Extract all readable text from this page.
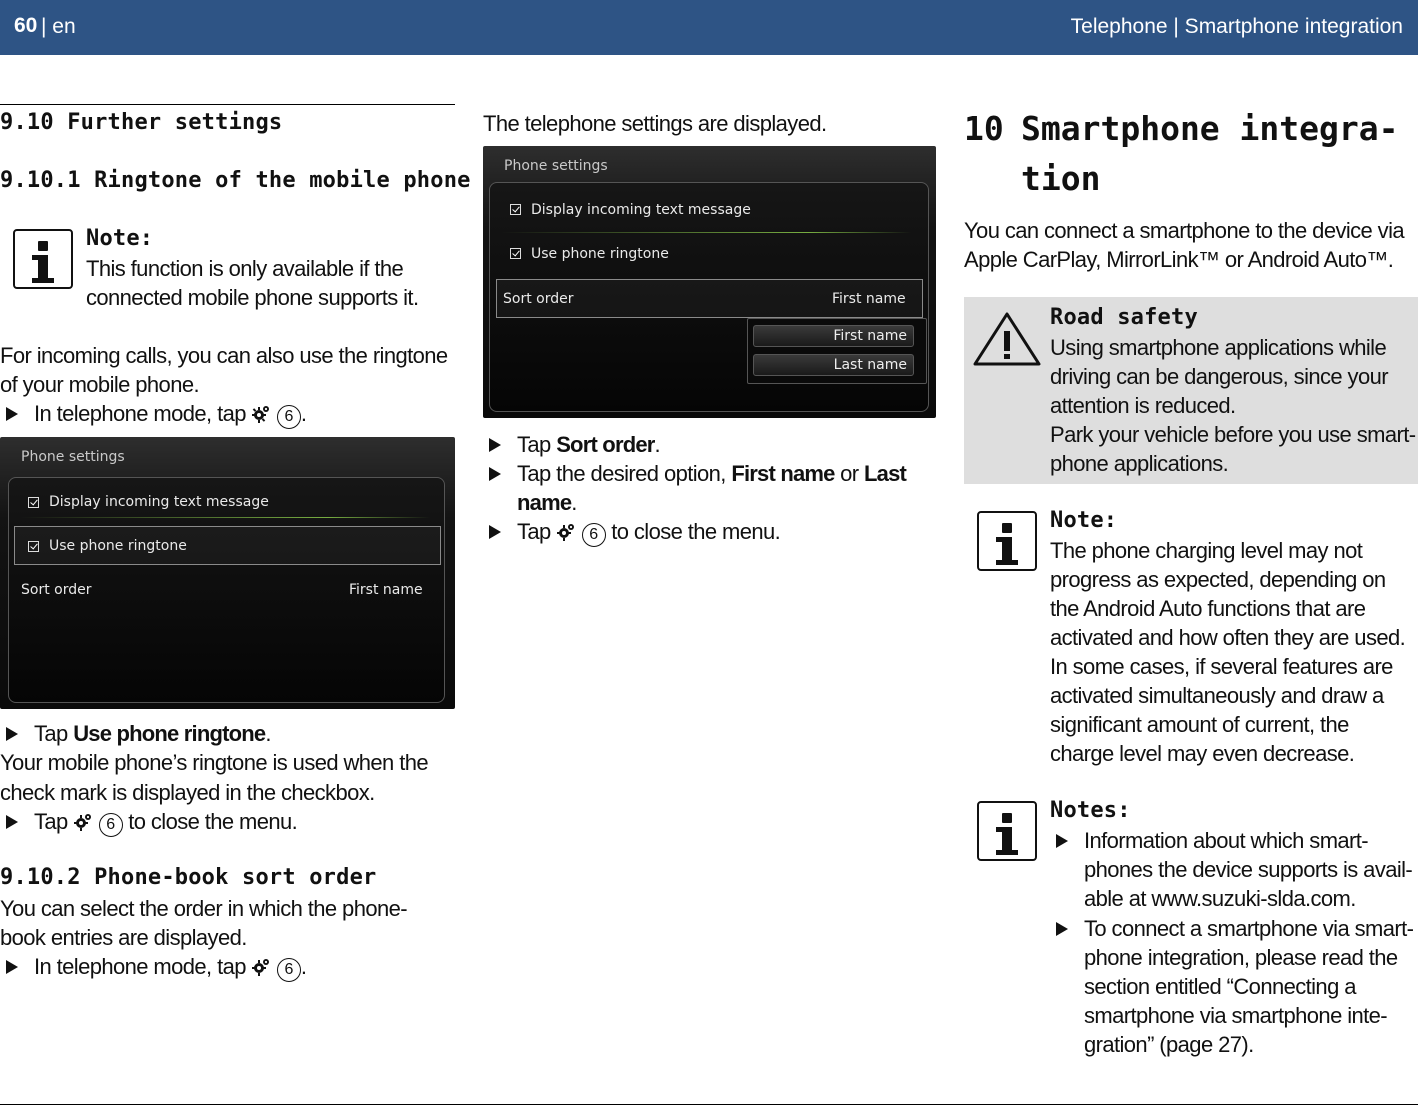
60 | en	Telephone | Smartphone integration
9.10 Further settings
9.10.1 Ringtone of the mobile phone
Note:
This function is only available if the
connected mobile phone supports it.
For incoming calls, you can also use the ringtone
of your mobile phone.
In telephone mode, tap 6 .
Phone settings
Display incoming text message
Use phone ringtone
Sort order	First name
Tap Use phone ringtone.
Your mobile phone’s ringtone is used when the
check mark is displayed in the checkbox.
Tap 6 to close the menu.
9.10.2 Phone-book sort order
You can select the order in which the phone-
book entries are displayed.
In telephone mode, tap 6 .
The telephone settings are displayed.
Phone settings
Display incoming text message
Use phone ringtone
Sort order	First name
First name
Last name
Tap Sort order.
Tap the desired option, First name or Last
name.
Tap 6 to close the menu.
10 Smartphone integra-
tion
You can connect a smartphone to the device via
Apple CarPlay, MirrorLink™ or Android Auto™.
Road safety
Using smartphone applications while
driving can be dangerous, since your
attention is reduced.
Park your vehicle before you use smart-
phone applications.
Note:
The phone charging level may not
progress as expected, depending on
the Android Auto functions that are
activated and how often they are used.
In some cases, if several features are
activated simultaneously and draw a
significant amount of current, the
charge level may even decrease.
Notes:
Information about which smart-
phones the device supports is avail-
able at www.suzuki-slda.com.
To connect a smartphone via smart-
phone integration, please read the
section entitled “Connecting a
smartphone via smartphone inte-
gration” (page 27).
